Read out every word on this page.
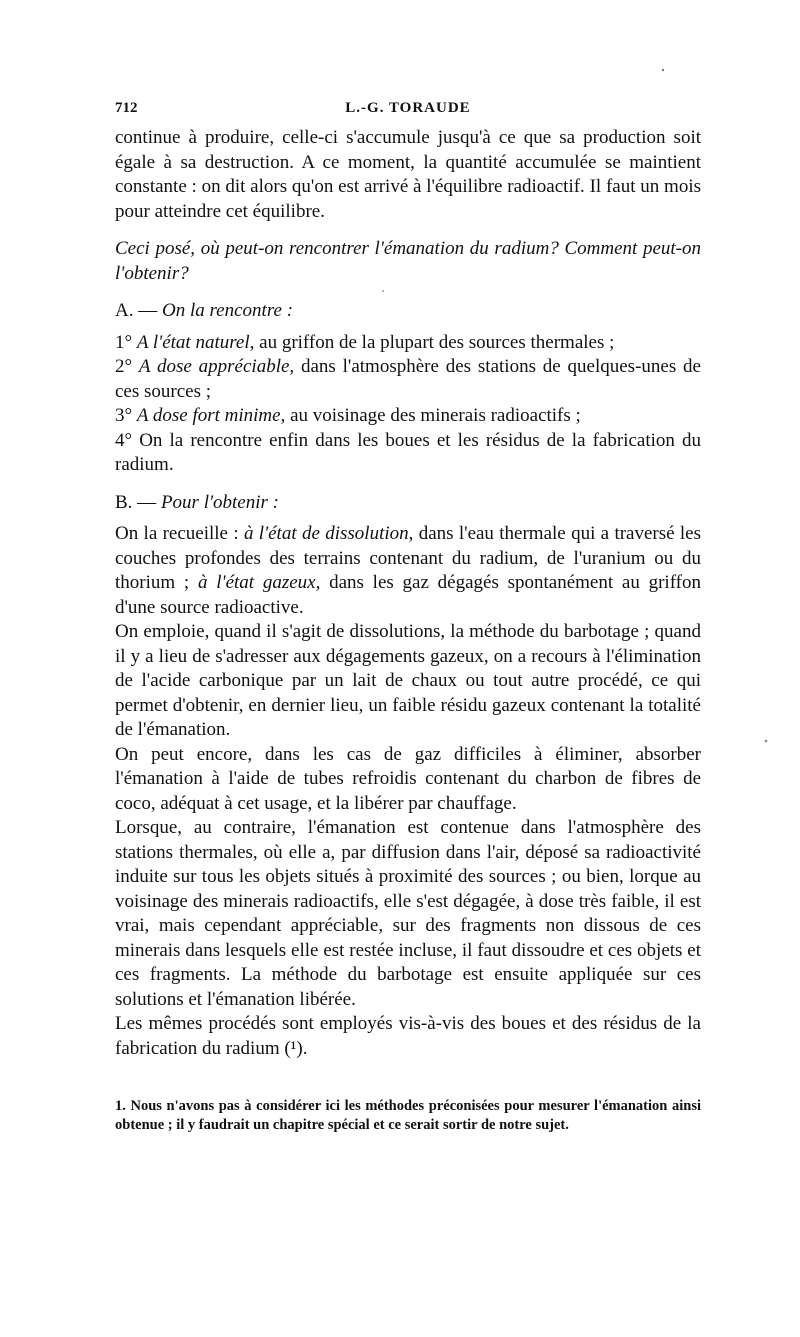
712	L.-G. TORAUDE

continue à produire, celle-ci s'accumule jusqu'à ce que sa production soit égale à sa destruction. A ce moment, la quantité accumulée se maintient constante : on dit alors qu'on est arrivé à l'équilibre radioactif. Il faut un mois pour atteindre cet équilibre.

Ceci posé, où peut-on rencontrer l'émanation du radium? Comment peut-on l'obtenir?

A. — On la rencontre :

1° A l'état naturel, au griffon de la plupart des sources thermales ;

2° A dose appréciable, dans l'atmosphère des stations de quelques-unes de ces sources ;

3° A dose fort minime, au voisinage des minerais radioactifs ;

4° On la rencontre enfin dans les boues et les résidus de la fabrication du radium.

B. — Pour l'obtenir :

On la recueille : à l'état de dissolution, dans l'eau thermale qui a traversé les couches profondes des terrains contenant du radium, de l'uranium ou du thorium ; à l'état gazeux, dans les gaz dégagés spontanément au griffon d'une source radioactive.

On emploie, quand il s'agit de dissolutions, la méthode du barbotage ; quand il y a lieu de s'adresser aux dégagements gazeux, on a recours à l'élimination de l'acide carbonique par un lait de chaux ou tout autre procédé, ce qui permet d'obtenir, en dernier lieu, un faible résidu gazeux contenant la totalité de l'émanation.

On peut encore, dans les cas de gaz difficiles à éliminer, absorber l'émanation à l'aide de tubes refroidis contenant du charbon de fibres de coco, adéquat à cet usage, et la libérer par chauffage.

Lorsque, au contraire, l'émanation est contenue dans l'atmosphère des stations thermales, où elle a, par diffusion dans l'air, déposé sa radioactivité induite sur tous les objets situés à proximité des sources ; ou bien, lorque au voisinage des minerais radioactifs, elle s'est dégagée, à dose très faible, il est vrai, mais cependant appréciable, sur des fragments non dissous de ces minerais dans lesquels elle est restée incluse, il faut dissoudre et ces objets et ces fragments. La méthode du barbotage est ensuite appliquée sur ces solutions et l'émanation libérée.

Les mêmes procédés sont employés vis-à-vis des boues et des résidus de la fabrication du radium (¹).

1. Nous n'avons pas à considérer ici les méthodes préconisées pour mesurer l'émanation ainsi obtenue ; il y faudrait un chapitre spécial et ce serait sortir de notre sujet.
